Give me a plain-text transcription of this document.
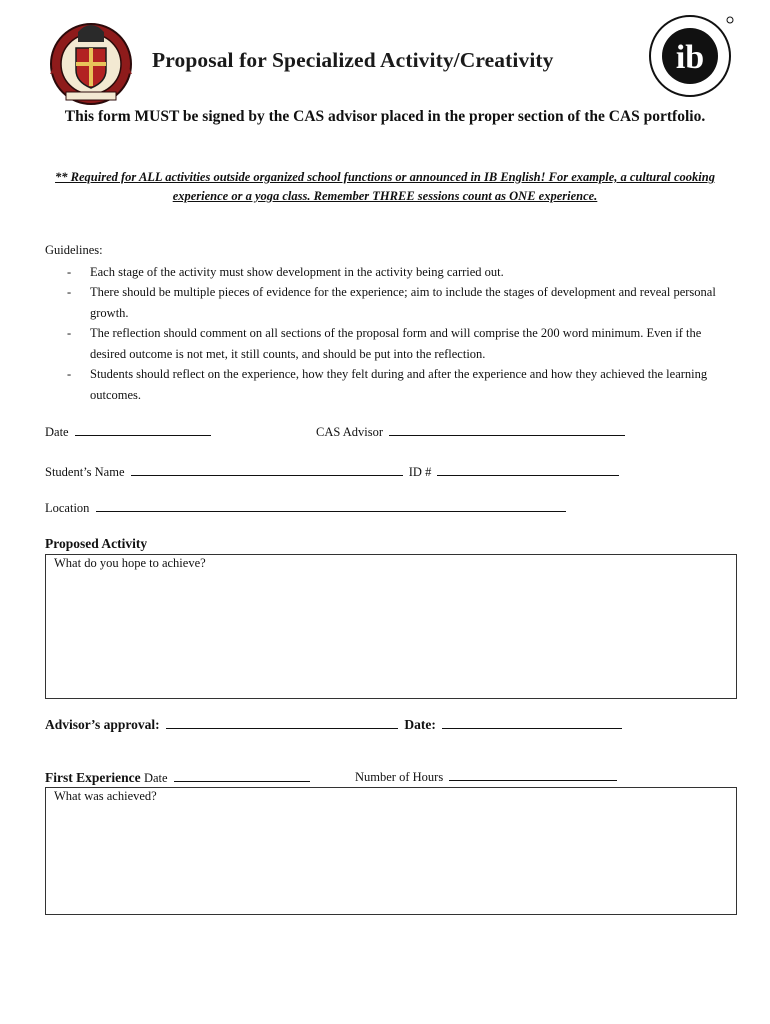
ib
Proposal for Specialized Activity/Creativity
This form MUST be signed by the CAS advisor placed in the proper section of the CAS portfolio.
** Required for ALL activities outside organized school functions or announced in IB English! For example, a cultural cooking experience or a yoga class. Remember THREE sessions count as ONE experience.
Guidelines:
- Each stage of the activity must show development in the activity being carried out.
- There should be multiple pieces of evidence for the experience; aim to include the stages of development and reveal personal growth.
- The reflection should comment on all sections of the proposal form and will comprise the 200 word minimum. Even if the desired outcome is not met, it still counts, and should be put into the reflection.
- Students should reflect on the experience, how they felt during and after the experience and how they achieved the learning outcomes.
Date	CAS Advisor
Student’s Name	ID #
Location
Proposed Activity
What do you hope to achieve?
Advisor’s approval:	Date:
First Experience Date	Number of Hours
What was achieved?
